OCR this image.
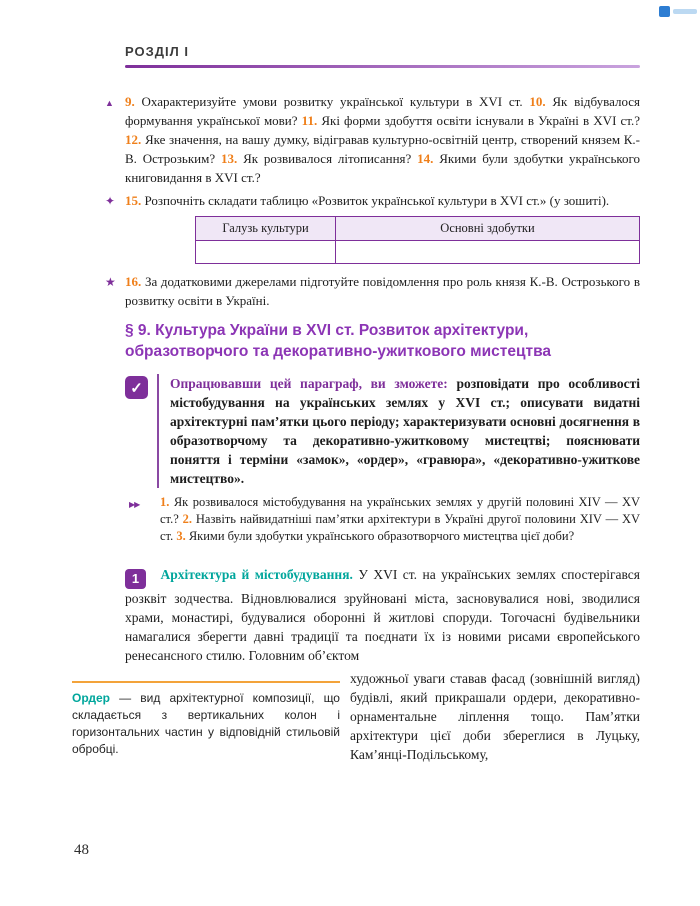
РОЗДІЛ I

▲ 9. Охарактеризуйте умови розвитку української культури в XVI ст. 10. Як відбувалося формування української мови? 11. Які форми здобуття освіти існували в Україні в XVI ст.? 12. Яке значення, на вашу думку, відігравав культурно-освітній центр, створений князем К.-В. Острозьким? 13. Як розвивалося літописання? 14. Якими були здобутки українського книговидання в XVI ст.?

✦ 15. Розпочніть складати таблицю «Розвиток української культури в XVI ст.» (у зошиті).

Галузь культури	Основні здобутки

★ 16. За додатковими джерелами підготуйте повідомлення про роль князя К.-В. Острозького в розвитку освіти в Україні.

§ 9. Культура України в XVI ст. Розвиток архітектури, образотворчого та декоративно-ужиткового мистецтва
✓	Опрацювавши цей параграф, ви зможете: розповідати про особливості містобудування на українських землях у XVI ст.; описувати видатні архітектурні пам’ятки цього періоду; характеризувати основні досягнення в образотворчому та декоративно-ужитковому мистецтві; пояснювати поняття і терміни «замок», «ордер», «гравюра», «декоративно-ужиткове мистецтво».

▶▶ 1. Як розвивалося містобудування на українських землях у другій половині XIV — XV ст.? 2. Назвіть найвидатніші пам’ятки архітектури в Україні другої половини XIV — XV ст. 3. Якими були здобутки українського образотворчого мистецтва цієї доби?

1 Архітектура й містобудування. У XVI ст. на українських землях спостерігався розквіт зодчества. Відновлювалися зруйновані міста, засновувалися нові, зводилися храми, монастирі, будувалися оборонні й житлові споруди. Тогочасні будівельники намагалися зберегти давні традиції та поєднати їх із новими рисами європейського ренесансного стилю. Головним об’єктом

Ордер — вид архітектурної композиції, що складається з вертикальних колон і горизонтальних частин у відповідній стильовій обробці.

художньої уваги ставав фасад (зовнішній вигляд) будівлі, який прикрашали ордери, декоративно-орнаментальне ліплення тощо. Пам’ятки архітектури цієї доби збереглися в Луцьку, Кам’янці-Подільському,

48
